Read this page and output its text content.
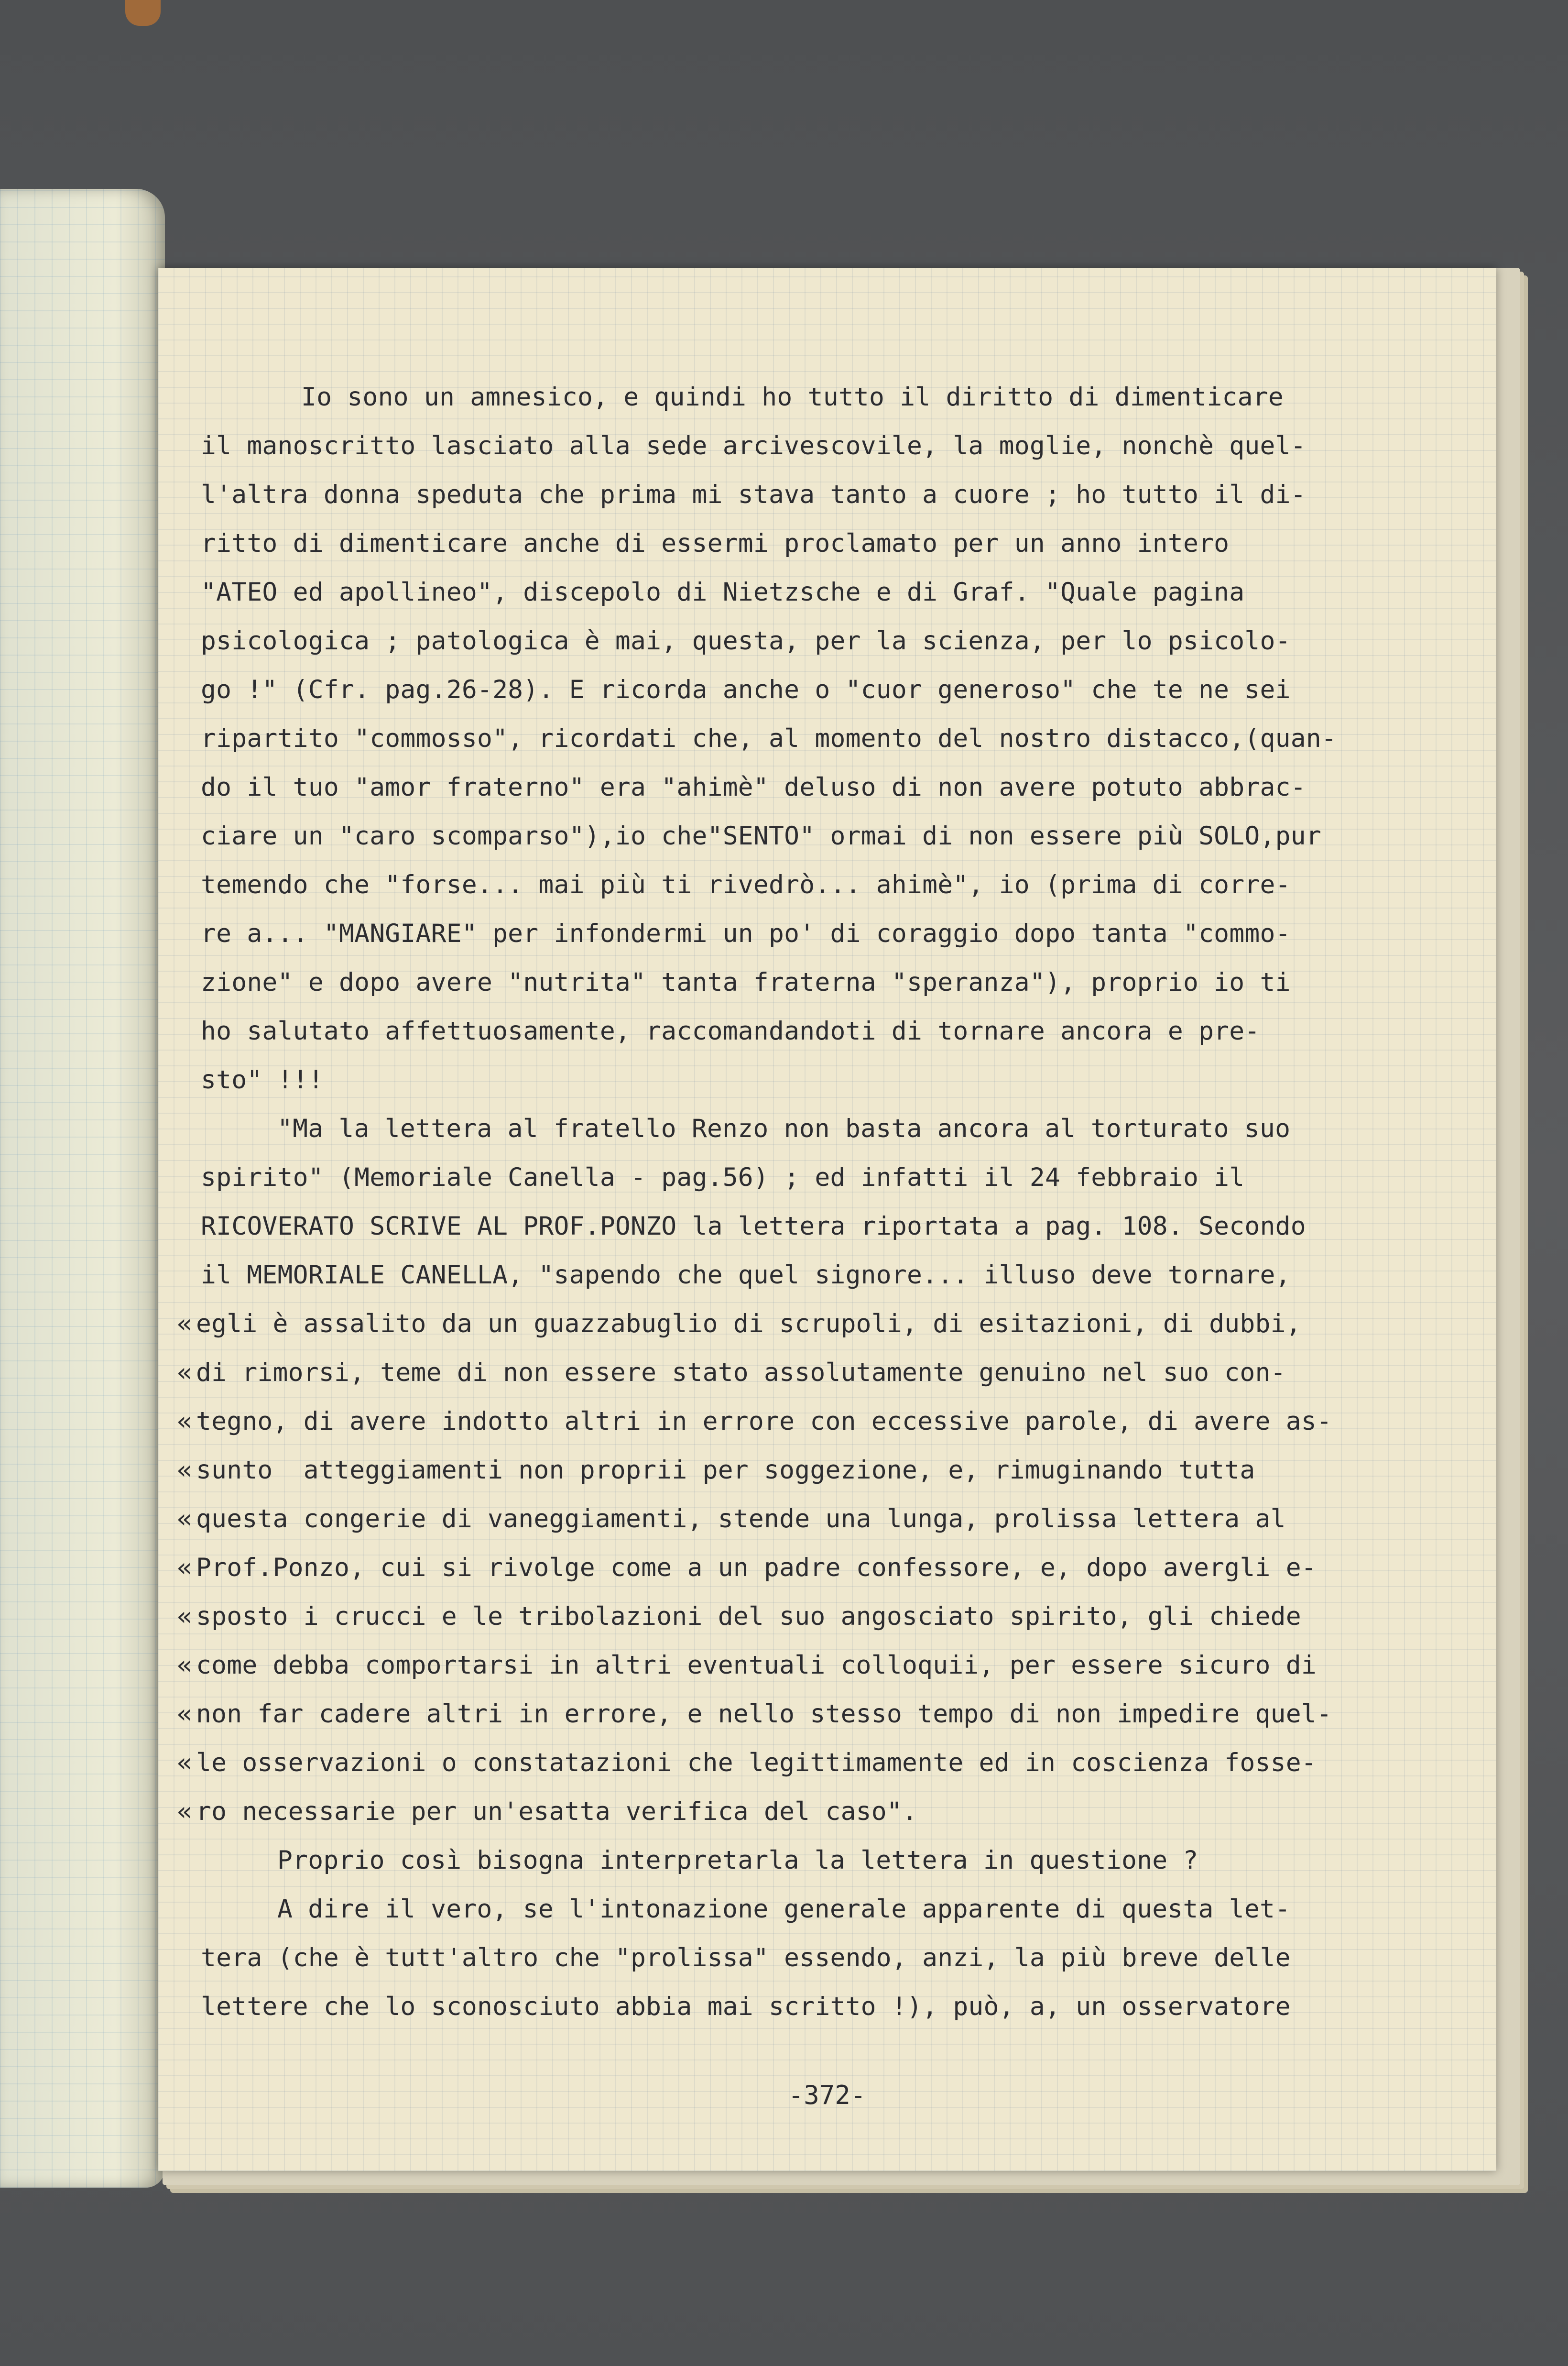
Io sono un amnesico, e quindi ho tutto il diritto di dimenticare
il manoscritto lasciato alla sede arcivescovile, la moglie, nonchè quel-
l'altra donna speduta che prima mi stava tanto a cuore ; ho tutto il di-
ritto di dimenticare anche di essermi proclamato per un anno intero
"ATEO ed apollineo", discepolo di Nietzsche e di Graf. "Quale pagina
psicologica ; patologica è mai, questa, per la scienza, per lo psicolo-
go !" (Cfr. pag.26-28). E ricorda anche o "cuor generoso" che te ne sei
ripartito "commosso", ricordati che, al momento del nostro distacco,(quan-
do il tuo "amor fraterno" era "ahimè" deluso di non avere potuto abbrac-
ciare un "caro scomparso"),io che"SENTO" ormai di non essere più SOLO,pur
temendo che "forse... mai più ti rivedrò... ahimè", io (prima di corre-
re a... "MANGIARE" per infondermi un po' di coraggio dopo tanta "commo-
zione" e dopo avere "nutrita" tanta fraterna "speranza"), proprio io ti
ho salutato affettuosamente, raccomandandoti di tornare ancora e pre-
sto" !!!
"Ma la lettera al fratello Renzo non basta ancora al torturato suo
spirito" (Memoriale Canella - pag.56) ; ed infatti il 24 febbraio il
RICOVERATO SCRIVE AL PROF.PONZO la lettera riportata a pag. 108. Secondo
il MEMORIALE CANELLA, "sapendo che quel signore... illuso deve tornare,
« egli è assalito da un guazzabuglio di scrupoli, di esitazioni, di dubbi,
« di rimorsi, teme di non essere stato assolutamente genuino nel suo con-
« tegno, di avere indotto altri in errore con eccessive parole, di avere as-
« sunto  atteggiamenti non proprii per soggezione, e, rimuginando tutta
« questa congerie di vaneggiamenti, stende una lunga, prolissa lettera al
« Prof.Ponzo, cui si rivolge come a un padre confessore, e, dopo avergli e-
« sposto i crucci e le tribolazioni del suo angosciato spirito, gli chiede
« come debba comportarsi in altri eventuali colloquii, per essere sicuro di
« non far cadere altri in errore, e nello stesso tempo di non impedire quel-
« le osservazioni o constatazioni che legittimamente ed in coscienza fosse-
« ro necessarie per un'esatta verifica del caso".
Proprio così bisogna interpretarla la lettera in questione ?
A dire il vero, se l'intonazione generale apparente di questa let-
tera (che è tutt'altro che "prolissa" essendo, anzi, la più breve delle
lettere che lo sconosciuto abbia mai scritto !), può, a, un osservatore
-372-
